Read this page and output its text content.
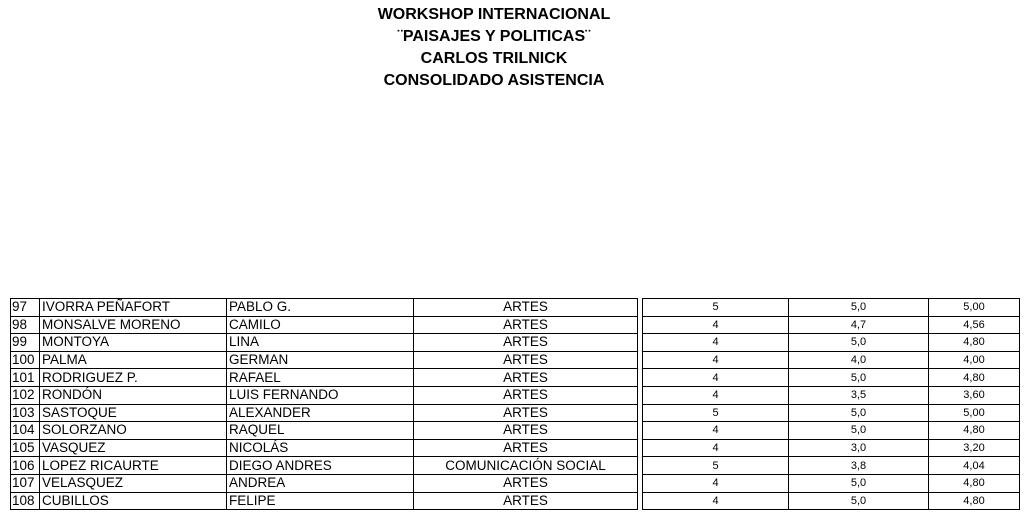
WORKSHOP INTERNACIONAL
¨PAISAJES Y POLITICAS¨
CARLOS TRILNICK
CONSOLIDADO ASISTENCIA
97	IVORRA PEÑAFORT	PABLO G.	ARTES		5	5,0	5,00
98	MONSALVE MORENO	CAMILO	ARTES		4	4,7	4,56
99	MONTOYA	LINA	ARTES		4	5,0	4,80
100	PALMA	GERMAN	ARTES		4	4,0	4,00
101	RODRIGUEZ P.	RAFAEL	ARTES		4	5,0	4,80
102	RONDÓN	LUIS FERNANDO	ARTES		4	3,5	3,60
103	SASTOQUE	ALEXANDER	ARTES		5	5,0	5,00
104	SOLORZANO	RAQUEL	ARTES		4	5,0	4,80
105	VASQUEZ	NICOLÁS	ARTES		4	3,0	3,20
106	LOPEZ RICAURTE	DIEGO ANDRES	COMUNICACIÓN SOCIAL		5	3,8	4,04
107	VELASQUEZ	ANDREA	ARTES		4	5,0	4,80
108	CUBILLOS	FELIPE	ARTES		4	5,0	4,80
